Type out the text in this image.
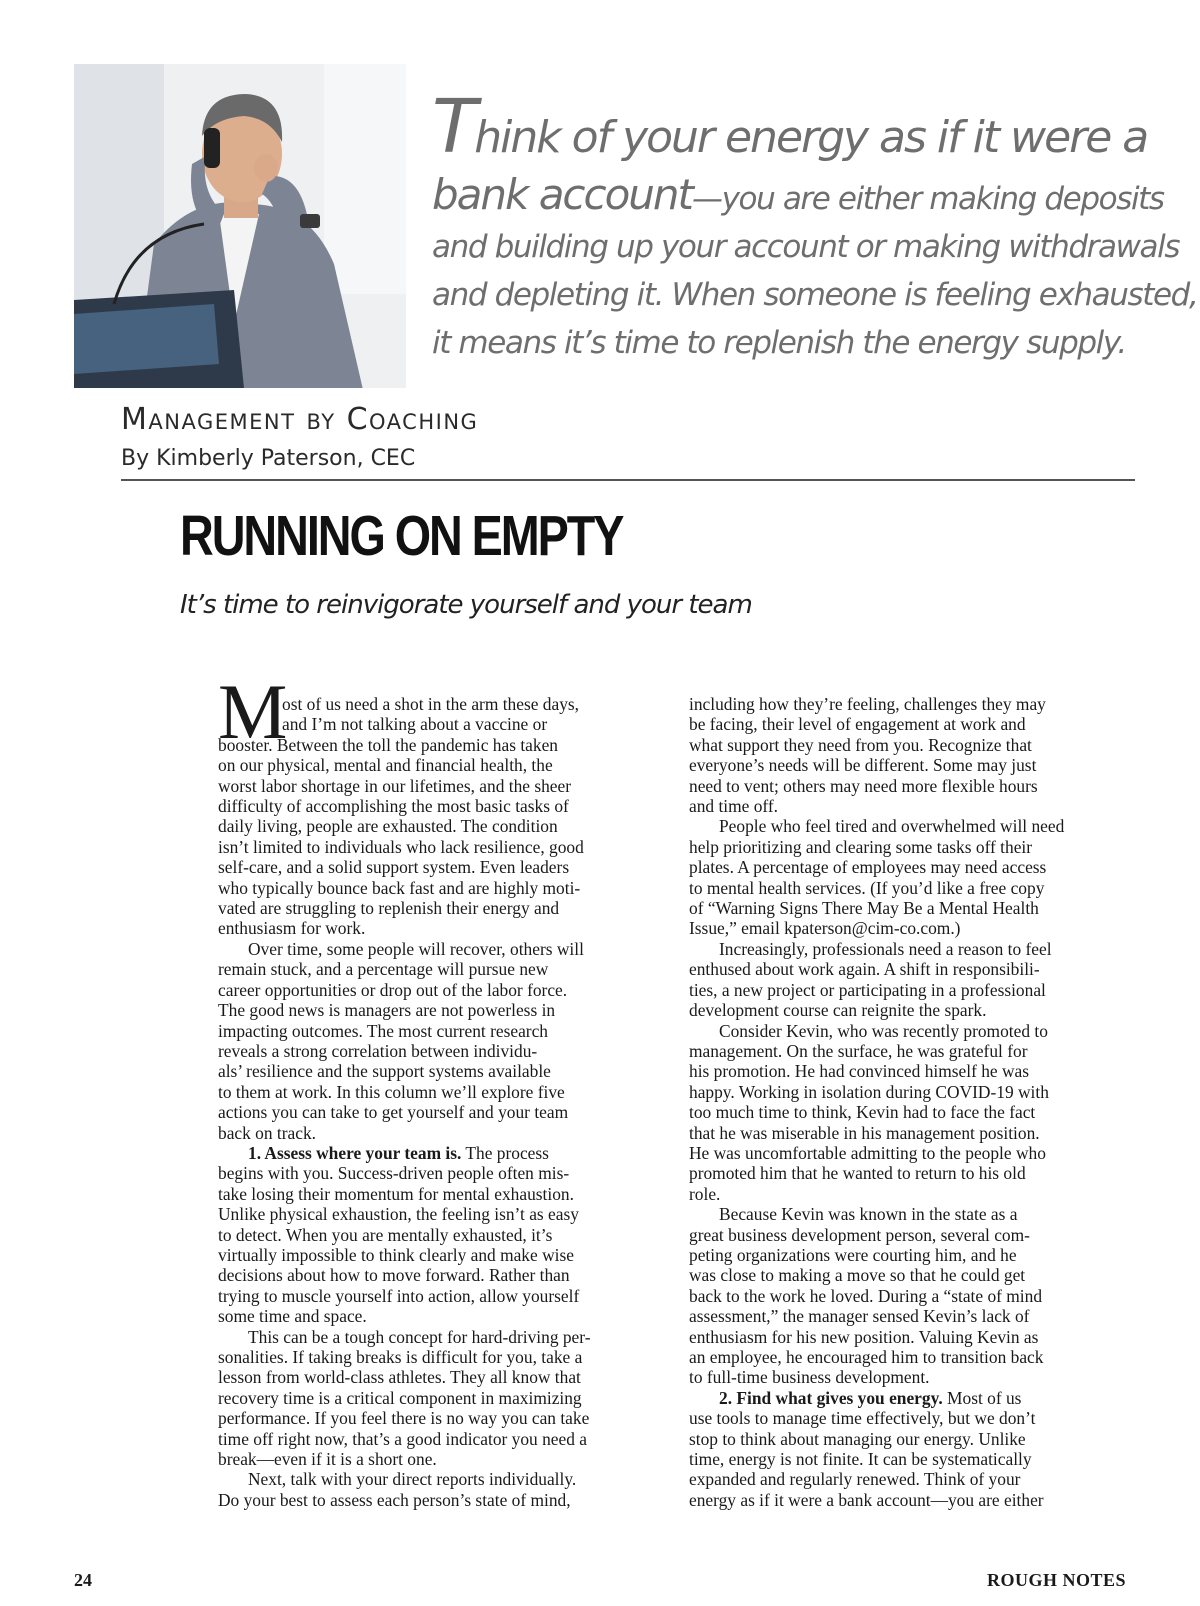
Think of your energy as if it were a
bank account—you are either making deposits
and building up your account or making withdrawals
and depleting it. When someone is feeling exhausted,
it means it’s time to replenish the energy supply.
Management by Coaching
By Kimberly Paterson, CEC
RUNNING ON EMPTY
It’s time to reinvigorate yourself and your team
M
ost of us need a shot in the arm these days,
and I’m not talking about a vaccine or
booster. Between the toll the pandemic has taken
on our physical, mental and financial health, the
worst labor shortage in our lifetimes, and the sheer
difficulty of accomplishing the most basic tasks of
daily living, people are exhausted. The condition
isn’t limited to individuals who lack resilience, good
self-care, and a solid support system. Even leaders
who typically bounce back fast and are highly moti-
vated are struggling to replenish their energy and
enthusiasm for work.
Over time, some people will recover, others will
remain stuck, and a percentage will pursue new
career opportunities or drop out of the labor force.
The good news is managers are not powerless in
impacting outcomes. The most current research
reveals a strong correlation between individu-
als’ resilience and the support systems available
to them at work. In this column we’ll explore five
actions you can take to get yourself and your team
back on track.
1. Assess where your team is. The process
begins with you. Success-driven people often mis-
take losing their momentum for mental exhaustion.
Unlike physical exhaustion, the feeling isn’t as easy
to detect. When you are mentally exhausted, it’s
virtually impossible to think clearly and make wise
decisions about how to move forward. Rather than
trying to muscle yourself into action, allow yourself
some time and space.
This can be a tough concept for hard-driving per-
sonalities. If taking breaks is difficult for you, take a
lesson from world-class athletes. They all know that
recovery time is a critical component in maximizing
performance. If you feel there is no way you can take
time off right now, that’s a good indicator you need a
break—even if it is a short one.
Next, talk with your direct reports individually.
Do your best to assess each person’s state of mind,
including how they’re feeling, challenges they may
be facing, their level of engagement at work and
what support they need from you. Recognize that
everyone’s needs will be different. Some may just
need to vent; others may need more flexible hours
and time off.
People who feel tired and overwhelmed will need
help prioritizing and clearing some tasks off their
plates. A percentage of employees may need access
to mental health services. (If you’d like a free copy
of “Warning Signs There May Be a Mental Health
Issue,” email kpaterson@cim-co.com.)
Increasingly, professionals need a reason to feel
enthused about work again. A shift in responsibili-
ties, a new project or participating in a professional
development course can reignite the spark.
Consider Kevin, who was recently promoted to
management. On the surface, he was grateful for
his promotion. He had convinced himself he was
happy. Working in isolation during COVID-19 with
too much time to think, Kevin had to face the fact
that he was miserable in his management position.
He was uncomfortable admitting to the people who
promoted him that he wanted to return to his old
role.
Because Kevin was known in the state as a
great business development person, several com-
peting organizations were courting him, and he
was close to making a move so that he could get
back to the work he loved. During a “state of mind
assessment,” the manager sensed Kevin’s lack of
enthusiasm for his new position. Valuing Kevin as
an employee, he encouraged him to transition back
to full-time business development.
2. Find what gives you energy. Most of us
use tools to manage time effectively, but we don’t
stop to think about managing our energy. Unlike
time, energy is not finite. It can be systematically
expanded and regularly renewed. Think of your
energy as if it were a bank account—you are either
24	ROUGH NOTES
